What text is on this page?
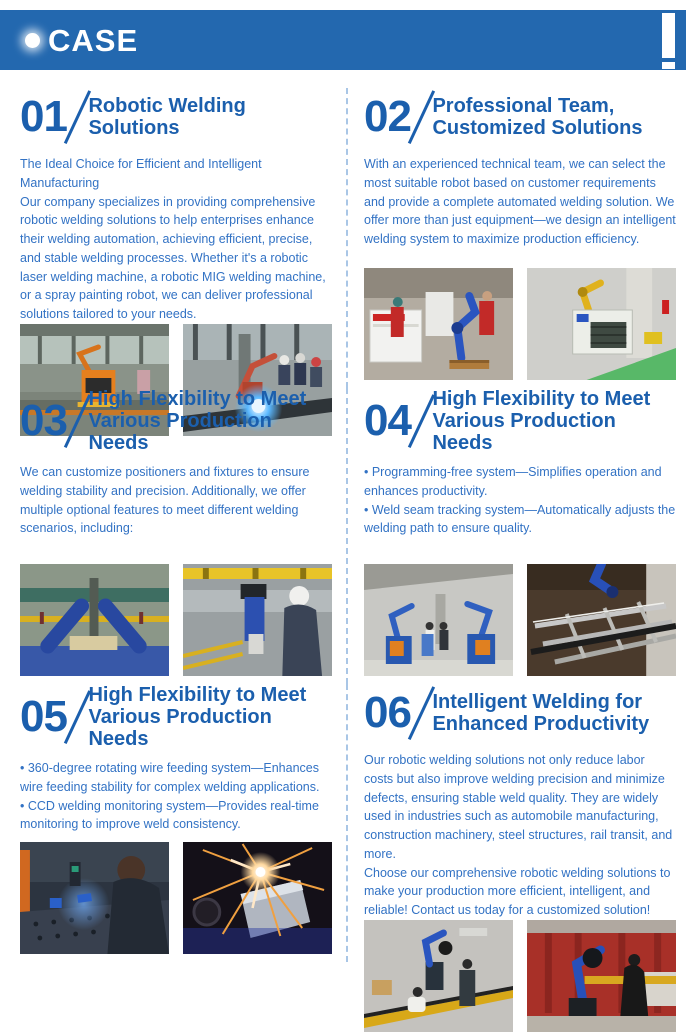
CASE
01 Robotic Welding Solutions

The Ideal Choice for Efficient and Intelligent Manufacturing

Our company specializes in providing comprehensive robotic welding solutions to help enterprises enhance their welding automation, achieving efficient, precise, and stable welding processes. Whether it's a robotic laser welding machine, a robotic MIG welding machine, or a spray painting robot, we can deliver professional solutions tailored to your needs.

02 Professional Team,
Customized Solutions

With an experienced technical team, we can select the most suitable robot based on customer requirements and provide a complete automated welding solution. We offer more than just equipment—we design an intelligent welding system to maximize production efficiency.

03 High Flexibility to Meet
Various Production Needs

We can customize positioners and fixtures to ensure welding stability and precision. Additionally, we offer multiple optional features to meet different welding scenarios, including:

04 High Flexibility to Meet
Various Production Needs

• Programming-free system—Simplifies operation and enhances productivity.

• Weld seam tracking system—Automatically adjusts the welding path to ensure quality.

05 High Flexibility to Meet
Various Production Needs

• 360-degree rotating wire feeding system—Enhances wire feeding stability for complex welding applications.

• CCD welding monitoring system—Provides real-time monitoring to improve weld consistency.

06 Intelligent Welding for
Enhanced Productivity

Our robotic welding solutions not only reduce labor costs but also improve welding precision and minimize defects, ensuring stable weld quality. They are widely used in industries such as automobile manufacturing, construction machinery, steel structures, rail transit, and more.

Choose our comprehensive robotic welding solutions to make your production more efficient, intelligent, and reliable! Contact us today for a customized solution!
